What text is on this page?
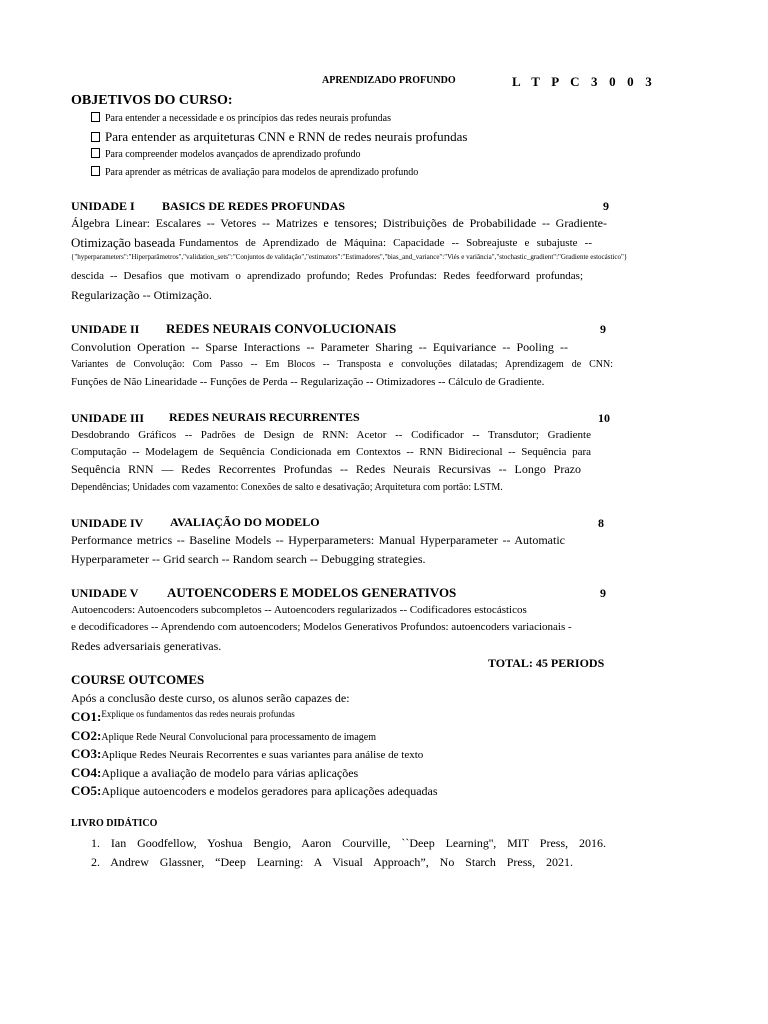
APRENDIZADO PROFUNDO	L T P C 3 0 0 3
OBJETIVOS DO CURSO:
Para entender a necessidade e os princípios das redes neurais profundas
Para entender as arquiteturas CNN e RNN de redes neurais profundas
Para compreender modelos avançados de aprendizado profundo
Para aprender as métricas de avaliação para modelos de aprendizado profundo
UNIDADE I BASICS DE REDES PROFUNDAS	9
Álgebra Linear: Escalares -- Vetores -- Matrizes e tensores; Distribuições de Probabilidade -- Gradiente-
Otimização baseada Fundamentos de Aprendizado de Máquina: Capacidade -- Sobreajuste e subajuste --
{"hyperparameters":"Hiperparâmetros","validation_sets":"Conjuntos de validação","estimators":"Estimadores","bias_and_variance":"Viés e variância","stochastic_gradient":"Gradiente estocástico"}
descida -- Desafios que motivam o aprendizado profundo; Redes Profundas: Redes feedforward profundas;
Regularização -- Otimização.
UNIDADE II REDES NEURAIS CONVOLUCIONAIS	9
Convolution Operation -- Sparse Interactions -- Parameter Sharing -- Equivariance -- Pooling --
Variantes de Convolução: Com Passo -- Em Blocos -- Transposta e convoluções dilatadas; Aprendizagem de CNN:
Funções de Não Linearidade -- Funções de Perda -- Regularização -- Otimizadores -- Cálculo de Gradiente.
UNIDADE III REDES NEURAIS RECURRENTES	10
Desdobrando Gráficos -- Padrões de Design de RNN: Acetor -- Codificador -- Transdutor; Gradiente
Computação -- Modelagem de Sequência Condicionada em Contextos -- RNN Bidirecional -- Sequência para
Sequência RNN — Redes Recorrentes Profundas -- Redes Neurais Recursivas -- Longo Prazo
Dependências; Unidades com vazamento: Conexões de salto e desativação; Arquitetura com portão: LSTM.
UNIDADE IV AVALIAÇÃO DO MODELO	8
Performance metrics -- Baseline Models -- Hyperparameters: Manual Hyperparameter -- Automatic
Hyperparameter -- Grid search -- Random search -- Debugging strategies.
UNIDADE V AUTOENCODERS E MODELOS GENERATIVOS	9
Autoencoders: Autoencoders subcompletos -- Autoencoders regularizados -- Codificadores estocásticos
e decodificadores -- Aprendendo com autoencoders; Modelos Generativos Profundos: autoencoders variacionais -
Redes adversariais generativas.
TOTAL: 45 PERIODS
COURSE OUTCOMES
Após a conclusão deste curso, os alunos serão capazes de:
CO1:$^{Explique os fundamentos das redes neurais profundas}$
CO2:Aplique Rede Neural Convolucional para processamento de imagem
CO3:Aplique Redes Neurais Recorrentes e suas variantes para análise de texto
CO4:Aplique a avaliação de modelo para várias aplicações
CO5:Aplique autoencoders e modelos geradores para aplicações adequadas
LIVRO DIDÁTICO
1. Ian Goodfellow, Yoshua Bengio, Aaron Courville, ``Deep Learning'', MIT Press, 2016.
2. Andrew Glassner, “Deep Learning: A Visual Approach”, No Starch Press, 2021.
